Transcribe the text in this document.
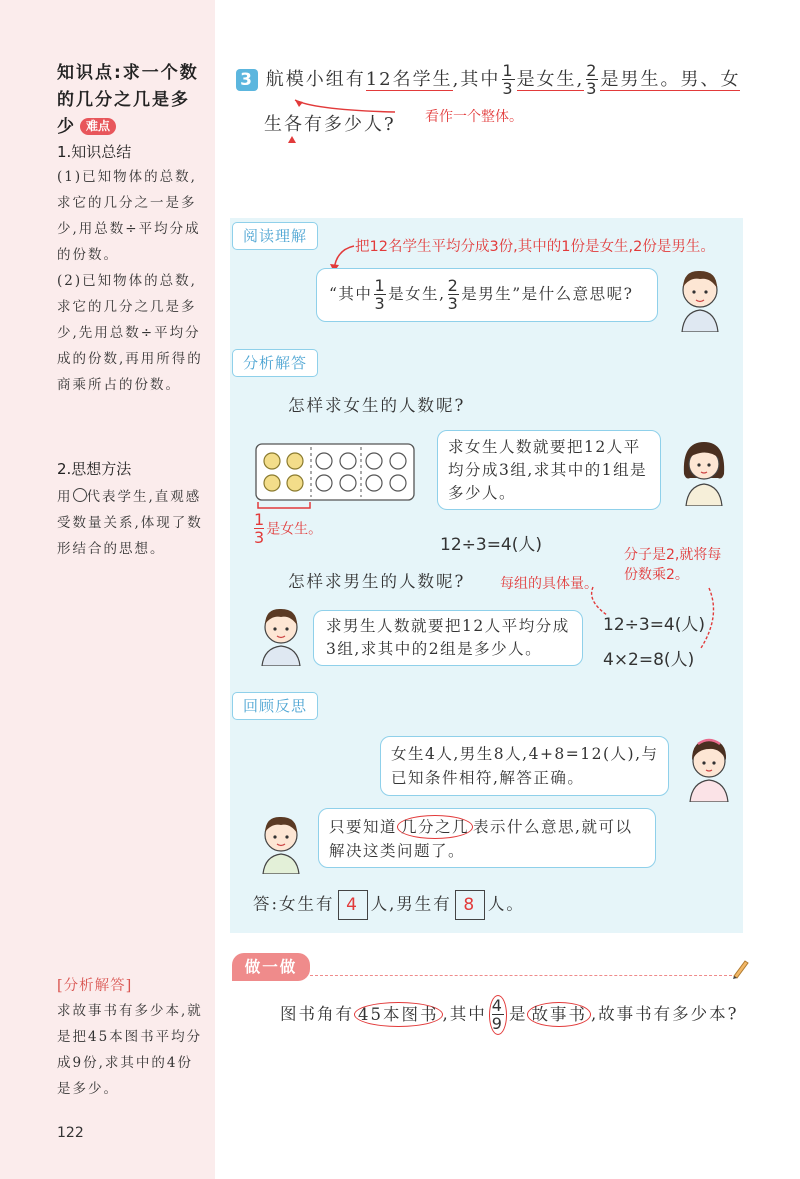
知识点:求一个数的几分之几是多少 难点
1.知识总结
(1)已知物体的总数,求它的几分之一是多少,用总数÷平均分成的份数。
(2)已知物体的总数,求它的几分之几是多少,先用总数÷平均分成的份数,再用所得的商乘所占的份数。
2.思想方法
用 代表学生,直观感受数量关系,体现了数形结合的思想。
[分析解答]
求故事书有多少本,就是把45本图书平均分成9份,求其中的4份是多少。
122
3 航模小组有12名学生,其中 $\frac{1}{3}$ 是女生, $\frac{2}{3}$ 是男生。男、女
生各有多少人? 看作一个整体。
阅读理解
把12名学生平均分成3份,其中的1份是女生,2份是男生。
“其中 $\frac{1}{3}$ 是女生, $\frac{2}{3}$ 是男生”是什么意思呢?
分析解答
怎样求女生的人数呢?
$\frac{1}{3}$ 是女生。
求女生人数就要把12人平均分成3组,求其中的1组是多少人。
12÷3=4(人)
怎样求男生的人数呢? 每组的具体量。
分子是2,就将每份数乘2。
求男生人数就要把12人平均分成3组,求其中的2组是多少人。
12÷3=4(人)
4×2=8(人)
回顾反思
女生4人,男生8人,4+8=12(人),与已知条件相符,解答正确。
只要知道 几分之几 表示什么意思,就可以解决这类问题了。
答:女生有 4 人,男生有 8 人。
做一做
图书角有 45本图书 ,其中 $\frac{4}{9}$ 是 故事书 ,故事书有多少本?
